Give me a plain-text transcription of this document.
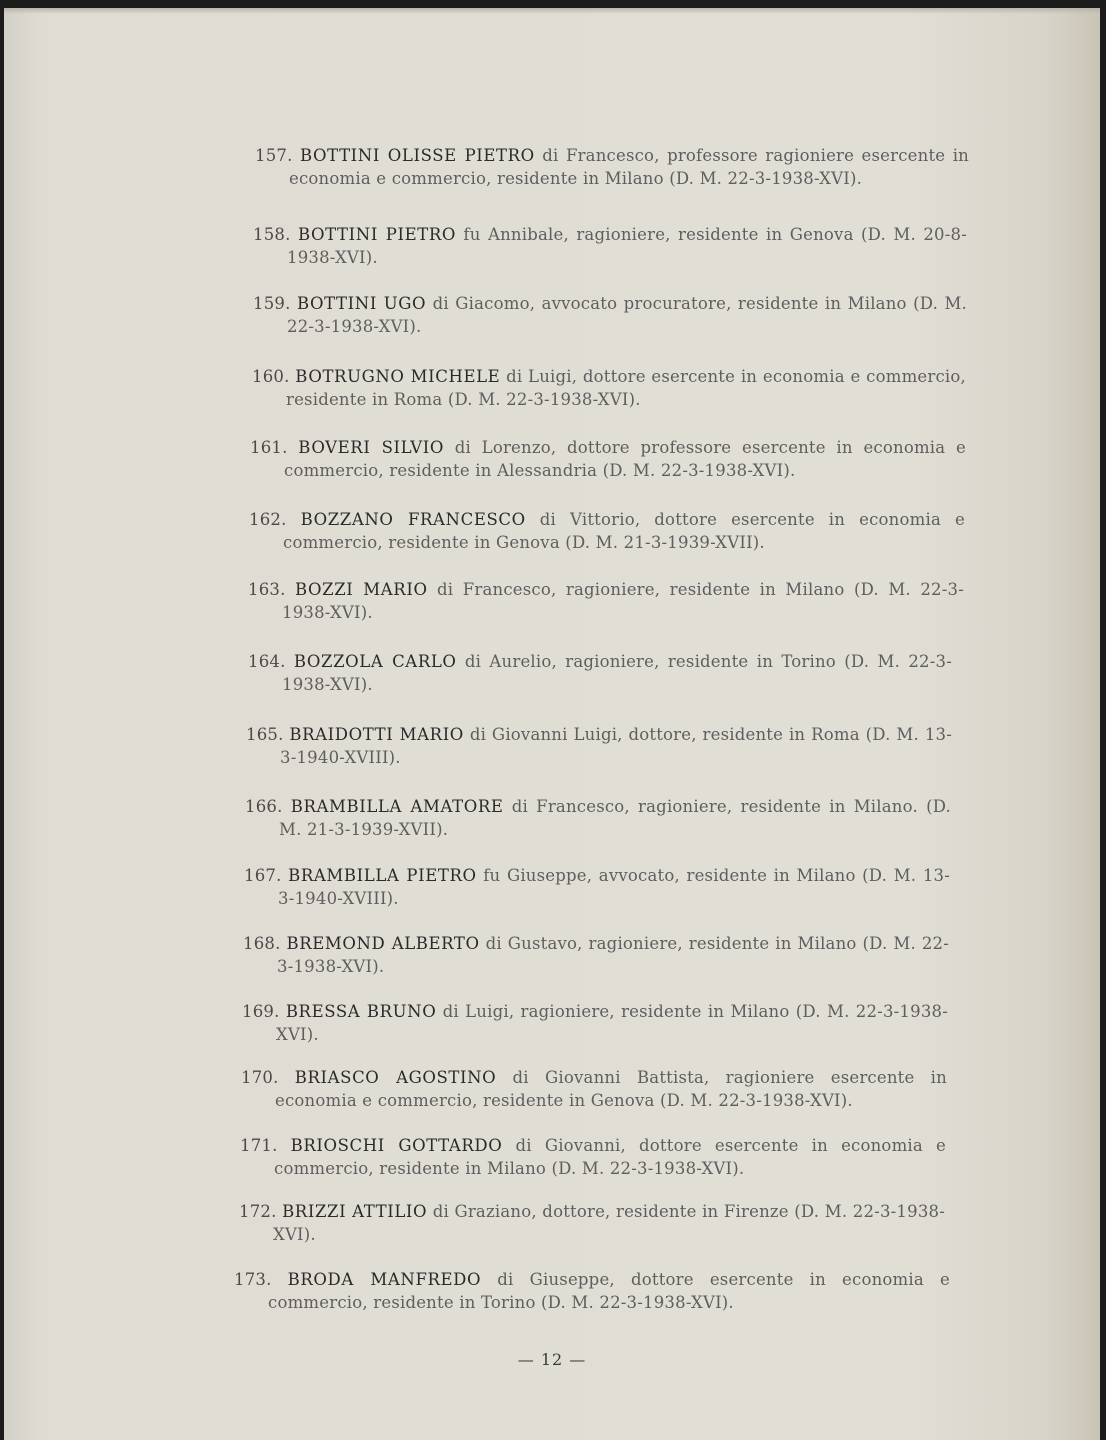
157. BOTTINI OLISSE PIETRO di Francesco, professore ragioniere esercente in economia e commercio, residente in Milano (D. M. 22-3-1938-XVI).
158. BOTTINI PIETRO fu Annibale, ragioniere, residente in Genova (D. M. 20-8-1938-XVI).
159. BOTTINI UGO di Giacomo, avvocato procuratore, residente in Milano (D. M. 22-3-1938-XVI).
160. BOTRUGNO MICHELE di Luigi, dottore esercente in economia e commercio, residente in Roma (D. M. 22-3-1938-XVI).
161. BOVERI SILVIO di Lorenzo, dottore professore esercente in economia e commercio, residente in Alessandria (D. M. 22-3-1938-XVI).
162. BOZZANO FRANCESCO di Vittorio, dottore esercente in economia e commercio, residente in Genova (D. M. 21-3-1939-XVII).
163. BOZZI MARIO di Francesco, ragioniere, residente in Milano (D. M. 22-3-1938-XVI).
164. BOZZOLA CARLO di Aurelio, ragioniere, residente in Torino (D. M. 22-3-1938-XVI).
165. BRAIDOTTI MARIO di Giovanni Luigi, dottore, residente in Roma (D. M. 13-3-1940-XVIII).
166. BRAMBILLA AMATORE di Francesco, ragioniere, residente in Milano. (D. M. 21-3-1939-XVII).
167. BRAMBILLA PIETRO fu Giuseppe, avvocato, residente in Milano (D. M. 13-3-1940-XVIII).
168. BREMOND ALBERTO di Gustavo, ragioniere, residente in Milano (D. M. 22-3-1938-XVI).
169. BRESSA BRUNO di Luigi, ragioniere, residente in Milano (D. M. 22-3-1938-XVI).
170. BRIASCO AGOSTINO di Giovanni Battista, ragioniere esercente in economia e commercio, residente in Genova (D. M. 22-3-1938-XVI).
171. BRIOSCHI GOTTARDO di Giovanni, dottore esercente in economia e commercio, residente in Milano (D. M. 22-3-1938-XVI).
172. BRIZZI ATTILIO di Graziano, dottore, residente in Firenze (D. M. 22-3-1938-XVI).
173. BRODA MANFREDO di Giuseppe, dottore esercente in economia e commercio, residente in Torino (D. M. 22-3-1938-XVI).
— 12 —
